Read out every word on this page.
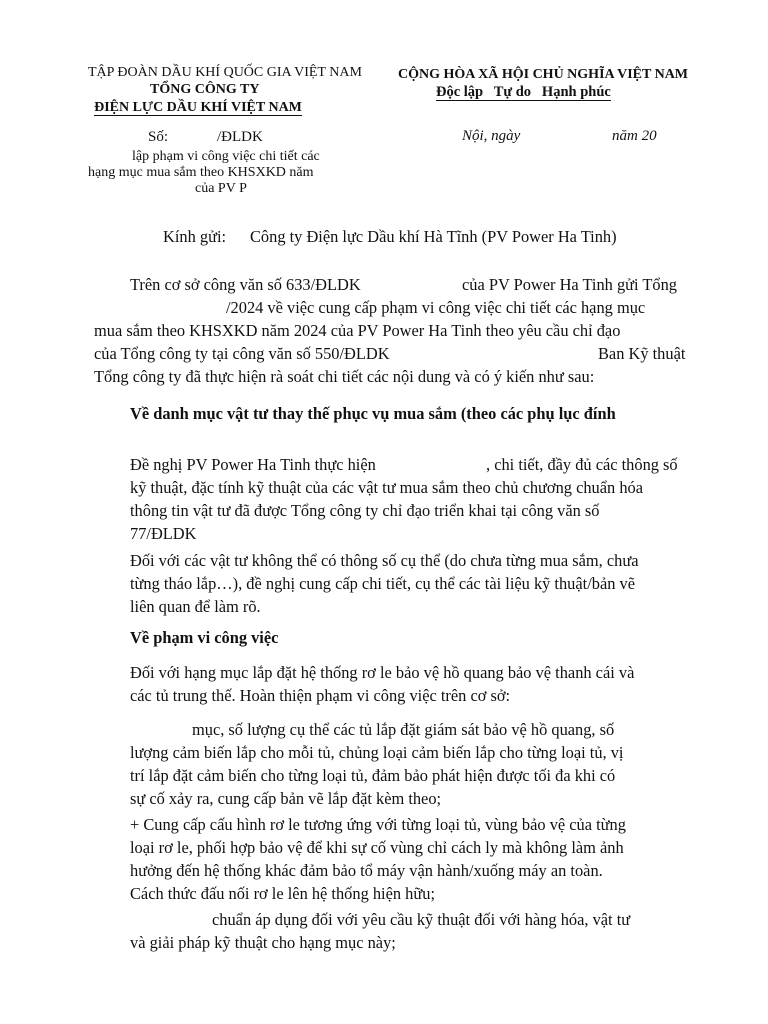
TẬP ĐOÀN DẦU KHÍ QUỐC GIA VIỆT NAM
TỔNG CÔNG TY
ĐIỆN LỰC DẦU KHÍ VIỆT NAM
Số:	/ĐLDK
lập phạm vi công việc chi tiết các
hạng mục mua sắm theo KHSXKD năm
của PV P
CỘNG HÒA XÃ HỘI CHỦ NGHĨA VIỆT NAM
Độc lập   Tự do   Hạnh phúc
Nội, ngày	năm 20
Kính gửi: Công ty Điện lực Dầu khí Hà Tĩnh (PV Power Ha Tinh)
Trên cơ sở công văn số 633/ĐLDK	của PV Power Ha Tinh gửi Tổng
/2024 về việc cung cấp phạm vi công việc chi tiết các hạng mục
mua sắm theo KHSXKD năm 2024 của PV Power Ha Tinh theo yêu cầu chỉ đạo
của Tổng công ty tại công văn số 550/ĐLDK	Ban Kỹ thuật
Tổng công ty đã thực hiện rà soát chi tiết các nội dung và có ý kiến như sau:
Về danh mục vật tư thay thế phục vụ mua sắm (theo các phụ lục đính
Đề nghị PV Power Ha Tinh thực hiện	, chi tiết, đầy đủ các thông số
kỹ thuật, đặc tính kỹ thuật của các vật tư mua sắm theo chủ chương chuẩn hóa
thông tin vật tư đã được Tổng công ty chỉ đạo triển khai tại công văn số
77/ĐLDK
Đối với các vật tư không thể có thông số cụ thể (do chưa từng mua sắm, chưa
từng tháo lắp…), đề nghị cung cấp chi tiết, cụ thể các tài liệu kỹ thuật/bản vẽ
liên quan để làm rõ.
Về phạm vi công việc
Đối với hạng mục lắp đặt hệ thống rơ le bảo vệ hồ quang bảo vệ thanh cái và
các tủ trung thế. Hoàn thiện phạm vi công việc trên cơ sở:
mục, số lượng cụ thể các tủ lắp đặt giám sát bảo vệ hồ quang, số
lượng cảm biến lắp cho mỗi tủ, chủng loại cảm biến lắp cho từng loại tủ, vị
trí lắp đặt cảm biến cho từng loại tủ, đảm bảo phát hiện được tối đa khi có
sự cố xảy ra, cung cấp bản vẽ lắp đặt kèm theo;
+ Cung cấp cấu hình rơ le tương ứng với từng loại tủ, vùng bảo vệ của từng
loại rơ le, phối hợp bảo vệ để khi sự cố vùng chỉ cách ly mà không làm ảnh
hưởng đến hệ thống khác đảm bảo tổ máy vận hành/xuống máy an toàn.
Cách thức đấu nối rơ le lên hệ thống hiện hữu;
chuẩn áp dụng đối với yêu cầu kỹ thuật đối với hàng hóa, vật tư
và giải pháp kỹ thuật cho hạng mục này;
